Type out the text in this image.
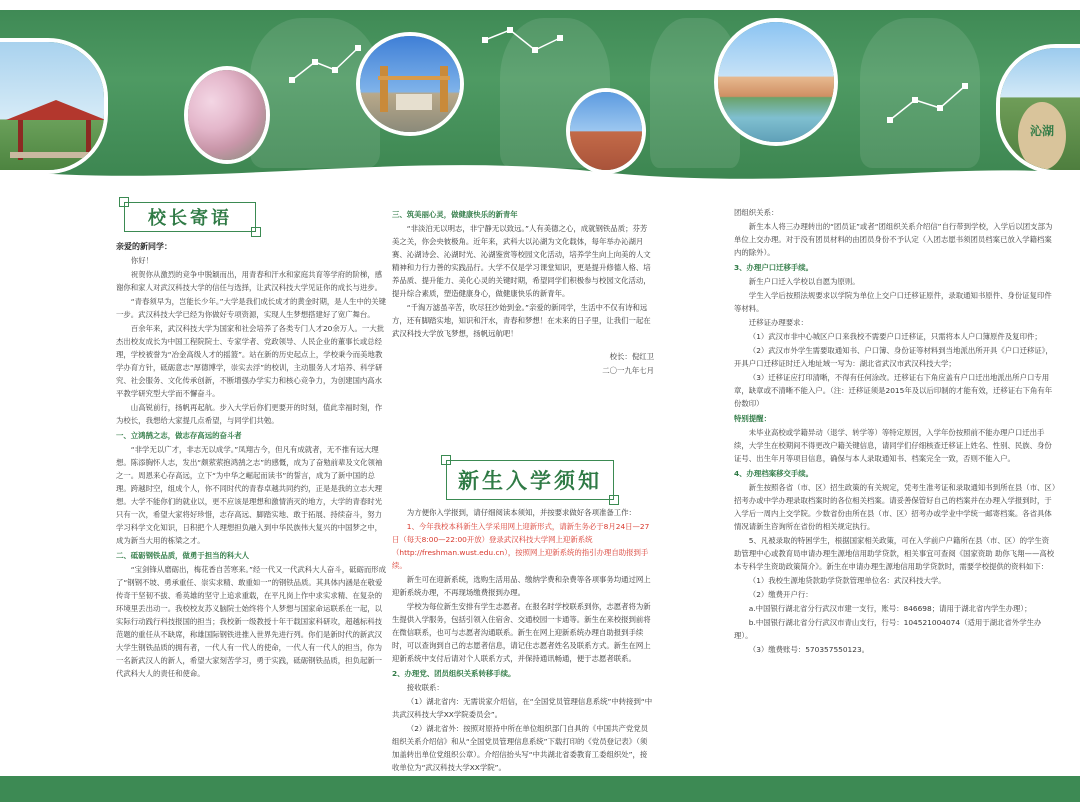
沁湖
校长寄语

亲爱的新同学：

你好！

祝贺你从激烈的竞争中脱颖而出，用青春和汗水和家庭共育等学府的阶梯，感谢你和家人对武汉科技大学的信任与选择，让武汉科技大学见证你的成长与进步。

“青春须早为，岂能长少年。”大学是我们成长成才的黄金时期，是人生中的关键一步。武汉科技大学已经为你做好专项资源，实现人生梦想搭建好了宽广舞台。

百余年来，武汉科技大学为国家和社会培养了各类专门人才20余万人。一大批杰出校友成长为中国工程院院士、专家学者、党政领导、人民企业的董事长或总经理，学校被誉为“冶金高级人才的摇篮”。站在新的历史起点上，学校秉今而美地教学办育方针，砥砺意志“厚德博学，崇实去浮”的校训，主动服务人才培养、科学研究、社会服务、文化传承创新，不断增强办学实力和核心竞争力，为创建国内高水平教学研究型大学而不懈奋斗。

山高锐前行，扬帆再起航。步入大学后你们更要开的时刻，值此幸福时刻，作为校长，我想给大家提几点希望，与同学们共勉。

一、立鸿鹄之志，做志存高远的奋斗者

“非学无以广才，非志无以成学。”凤翔古今，但凡有成就者，无不推有远大理想。陈添胸怀人志，发出“颇萦萦抱鸿鹄之志”的感慨，成为了奋勉前辈及文化领袖之一。周恩来心存高远，立下“为中华之崛起而读书”的誓言，成为了新中国的总理。跨越时空，组成个人，你不同时代的青春卓越共同约约，正是是我的立志大理想。大学不能你们的就业以，更不应该是理想和激情消灭的地方，大学的青春时光只有一次，希望大家将好珍惜，志存高远、脚踏实地、敢于拓展、持续奋斗，努力学习科学文化知识，日积把个人理想担负融入到中华民族伟大复兴的中国梦之中，成为新当大用的栋梁之才。

二、砥砺钢铁品质，做勇于担当的科大人

“宝剑锋从磨砺出，梅花香自苦寒来。”经一代又一代武科大人奋斗，砥砺而形成了“钢钢不坡、勇承重任、崇实求精、敢重如一”的钢铁品质。其具体内涵是在敬爱传奇干坚韧不拔、希英雄的坚守上追求重载，在平凡岗上作中求实求精、在复杂的环境里丢出动一。我校校友苏义脑院士始终将个人梦想与国家命运联系在一起，以实际行动践行科技报国的担当；我校新一级教授十年干载国家科研攻，超越标科技范题的重任从不缺席，称雄国际钢铁进推入世界先进行列。你们是新时代的新武汉大学生钢铁品质的拥有者，一代人有一代人的使命，一代人有一代人的担当，你为一名新武汉人的新人，希望大家刻苦学习，勇于实践，砥砺钢铁品质，担负起新一代武科大人的责任和使命。

三、筑美丽心灵，做健康快乐的新青年

“非淡泊无以明志，非宁静无以致远。”人有美德之心，成就钢铁品质；芬芳美之关，你会央彼极角。近年来，武科大以沁湖为文化载体，每年举办沁湖月赛、沁湖诗会、沁湖时光、沁湖鉴赏等校园文化活动，培养学生向上向美的人文精神和力行力善的实践品行。大学不仅是学习课堂知识，更是提升修德人格、培养品质、提升能力、美化心灵的关键时期，希望同学们积极参与校园文化活动，提升综合素质，塑造健康身心，做健康快乐的新青年。

“千淘万滤虽辛苦，吹尽狂沙始到金。”亲爱的新同学，生活中不仅有诗和远方，还有脚踏实地，知识和汗水，青春和梦想！在未来的日子里，让我们一起在武汉科技大学放飞梦想，扬帆远航吧！

校长：倪红卫

二〇一九年七月

新生入学须知

为方便你入学报到，请仔细阅读本须知，并按要求做好各项准备工作：

1、今年我校本科新生入学采用网上迎新形式，请新生务必于8月24日—27日（每天8:00—22:00开放）登录武汉科技大学网上迎新系统（http://freshman.wust.edu.cn），按照网上迎新系统的指引办理自助报到手续。

新生可在迎新系统，选购生活用品、缴纳学费和杂费等各项事务均通过网上迎新系统办理，不再现场缴费报到办理。

学校为每位新生安排有学生志愿者。在报名时学校联系到你，志愿者将为新生提供入学服务，包括引领入住宿舍、交通校园一卡通等。新生在来校报到前将在微信联系，也可与志愿者沟通联系。新生在网上迎新系统办理自助报到手续时，可以查询到自己的志愿者信息，请记住志愿者姓名及联系方式。新生在网上迎新系统中支付后请对个人联系方式，并保持通讯畅通，便于志愿者联系。

2、办理党、团员组织关系转移手续。

接收联系：

（1）湖北省内：无需说家介绍信，在“全国党员管理信息系统”中转接到“中共武汉科技大学XX学院委员会”。

（2）湖北省外：按照对原持中所在单位组织部门自具的《中国共产党党员组织关系介绍信》和从“全国党员管理信息系统”下载打印的《党员登记表》（须加盖转出单位党组织公章）。介绍信抬头写“中共湖北省委教育工委组织处”，接收单位为“武汉科技大学XX学院”。

团组织关系：

新生本人将三办理转出的“团员证”或者“团组织关系介绍信”自行带到学校，入学后以团支部为单位上交办理。对于没有团员材料的由团员身份不予认定（入团志愿书须团员档案已放入学籍档案内的除外）。

3、办理户口迁移手续。

新生户口迁入学校以自愿为原则。

学生入学后按照法规要求以学院为单位上交户口迁移证原件，录取通知书原件、身份证复印件等材料。

迁移证办理要求：

（1）武汉市非中心城区户口来我校不需要户口迁移证，只需将本人户口簿原件及复印件；

（2）武汉市外学生需要取通知书、户口簿、身份证等材料到当地派出所开具《户口迁移证》，开具户口迁移证时迁入地址域一写为：湖北省武汉市武汉科技大学；

（3）迁移证应打印清晰，不得有任何涂改。迁移证右下角应盖有户口迁出地派出所户口专用章，缺章或不清晰不能入户。（注：迁移证须是2015年及以后印制的才能有效，迁移证右下角有年份数印）

特别提醒：

未毕业高校或学籍异动（退学、转学等）等特定原因，入学年份按照前不能办理户口迁出手续，大学生在校期间不得更改户籍关键信息，请同学们仔细核查迁移证上姓名、性别、民族、身份证号、出生年月等项目信息，确保与本人录取通知书、档案完全一致，否则不能入户。

4、办理档案移交手续。

新生按照各省（市、区）招生政策的有关规定，凭考生准考证和录取通知书到所在县（市、区）招考办或中学办理录取档案时的各位相关档案。请妥善保管好自己的档案并在办理入学报到时，于入学后一周内上交学院。少数省份由所在县（市、区）招考办或学业中学统一邮寄档案。各省具体情况请新生咨询所在省份的相关规定执行。

5、凡被录取的特困学生，根据国家相关政策，可在入学前户户籍所在县（市、区）的学生资助管理中心或教育局申请办理生源地信用助学贷款，相关事宜可查阅《国家资助 助你飞翔——高校本专科学生资助政策简介》。新生在申请办理生源地信用助学贷款时，需要学校提供的资料如下：

（1）我校生源地贷款助学贷款管理单位名：武汉科技大学。

（2）缴费开户行：

a.中国银行湖北省分行武汉市建一支行，账号：846698；请用于湖北省内学生办理）；

b.中国银行湖北省分行武汉市青山支行，行号：104521004074（适用于湖北省外学生办理）。

（3）缴费账号：570357550123。
